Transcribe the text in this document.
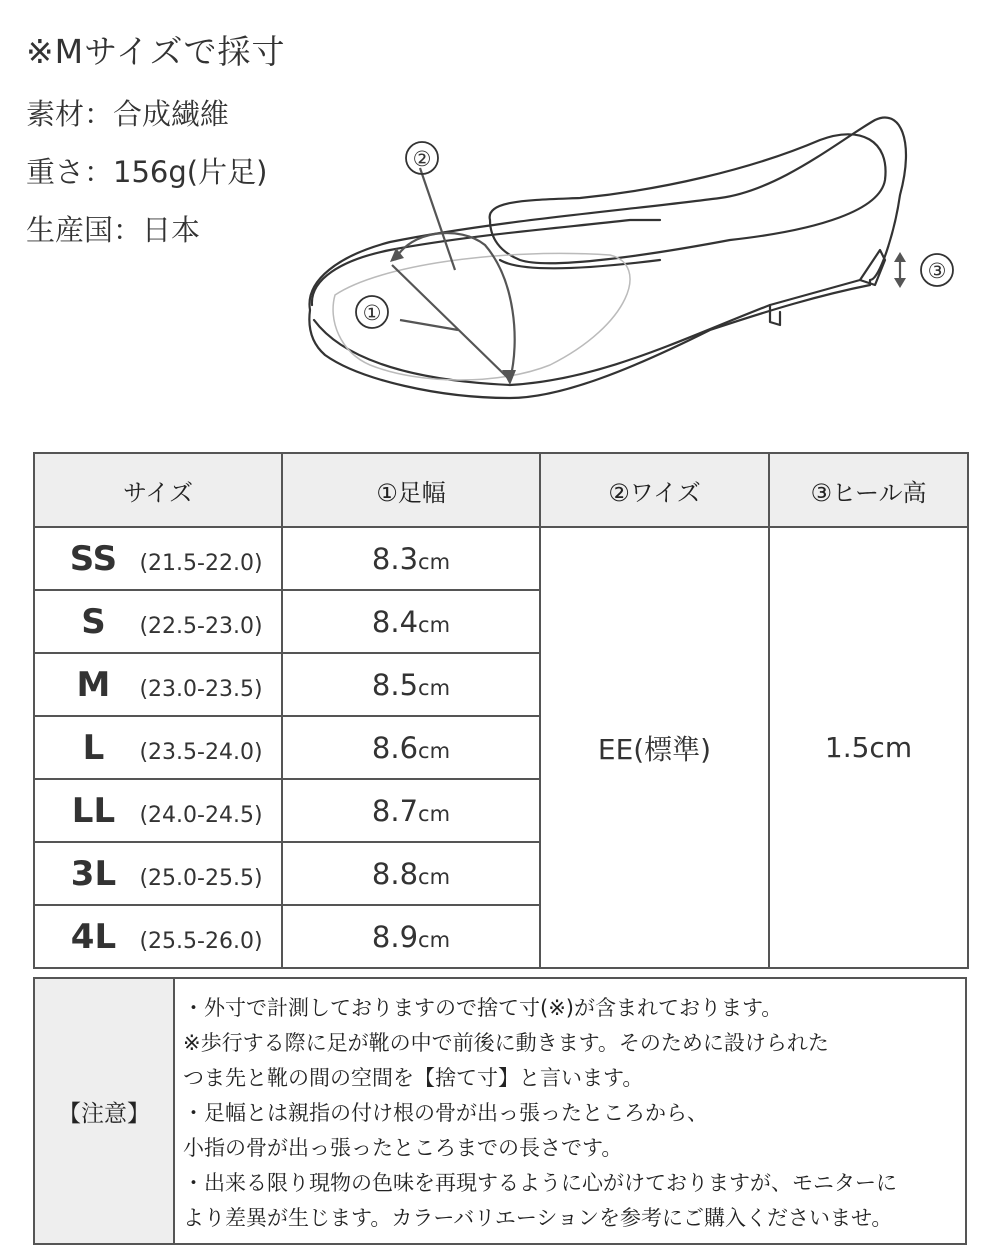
※Mサイズで採寸
素材：合成繊維
重さ：156g(片足)
生産国：日本
①
②
③
サイズ	①足幅	②ワイズ	③ヒール高

SS (21.5-22.0)	8.3cm	EE(標準)	1.5cm

S (22.5-23.0)	8.4cm		

M (23.0-23.5)	8.5cm		

L (23.5-24.0)	8.6cm		

LL (24.0-24.5)	8.7cm		

3L (25.0-25.5)	8.8cm		

4L (25.5-26.0)	8.9cm		
【注意】
・外寸で計測しておりますので捨て寸(※)が含まれております。
※歩行する際に足が靴の中で前後に動きます。そのために設けられた
つま先と靴の間の空間を【捨て寸】と言います。
・足幅とは親指の付け根の骨が出っ張ったところから、
小指の骨が出っ張ったところまでの長さです。
・出来る限り現物の色味を再現するように心がけておりますが、モニターに
より差異が生じます。カラーバリエーションを参考にご購入くださいませ。
